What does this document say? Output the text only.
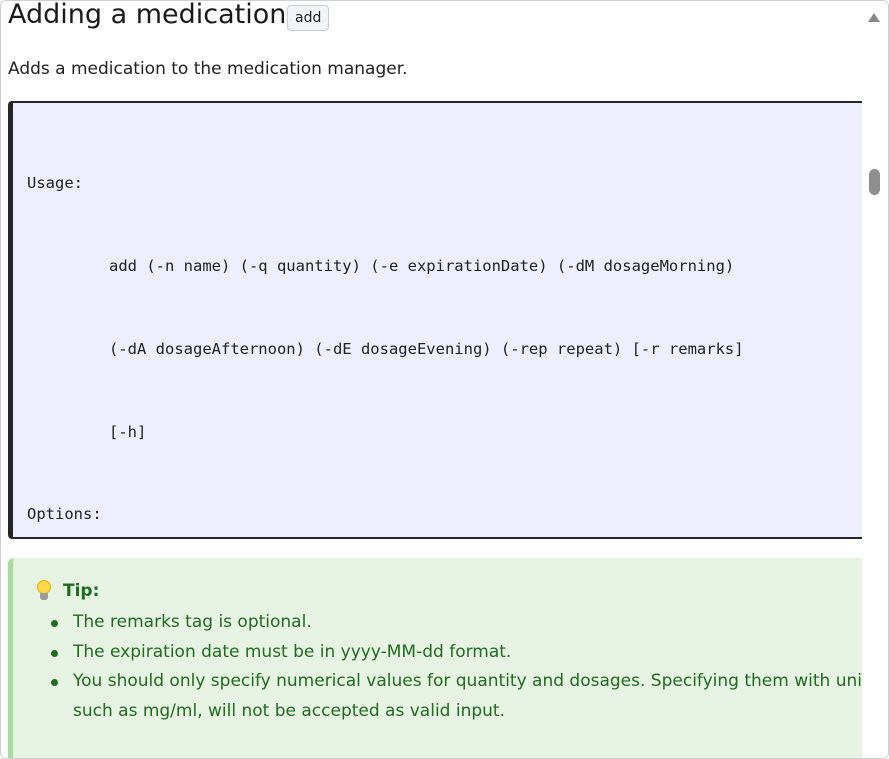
Adding a medication add

Adds a medication to the medication manager.

Usage:

add (-n name) (-q quantity) (-e expirationDate) (-dM dosageMorning)

(-dA dosageAfternoon) (-dE dosageEvening) (-rep repeat) [-r remarks]

[-h]

Options:

Tip:
The remarks tag is optional.
The expiration date must be in yyyy-MM-dd format.
You should only specify numerical values for quantity and dosages. Specifying them with uni
such as mg/ml, will not be accepted as valid input.
